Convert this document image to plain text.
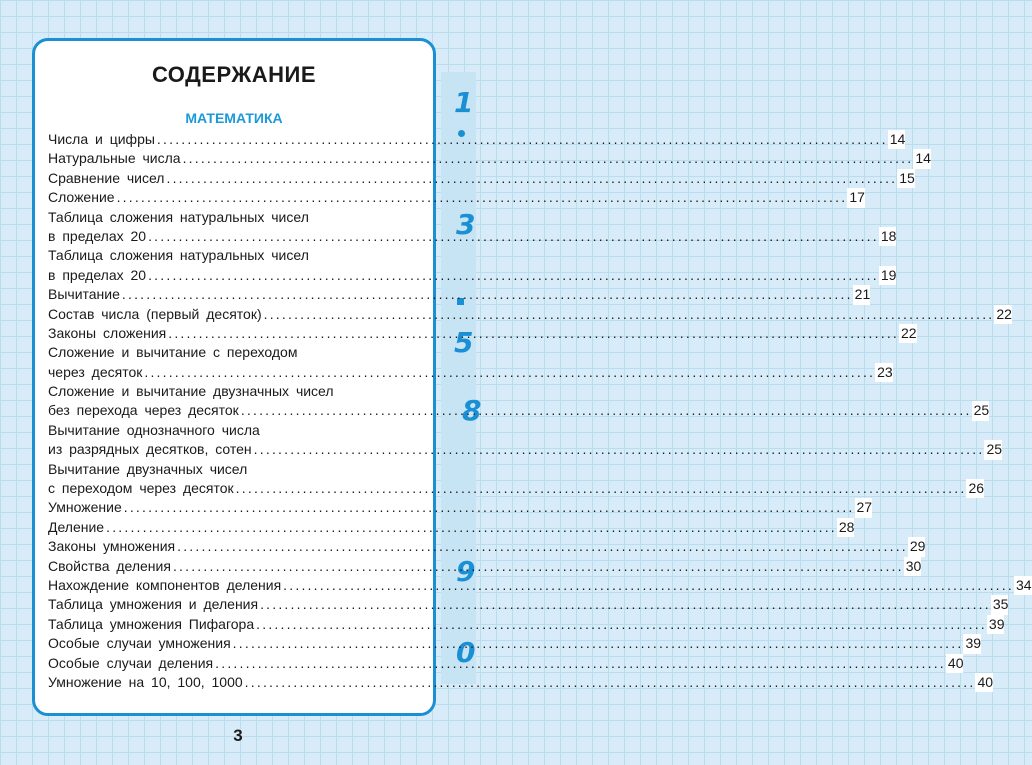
1
3
5
8
9
0
СОДЕРЖАНИЕ
МАТЕМАТИКА
Числа и цифры .....	14
Натуральные числа .....	14
Сравнение чисел .....	15
Сложение .....	17
Таблица сложения натуральных чисел
в пределах 20 .....	18
Таблица сложения натуральных чисел
в пределах 20 .....	19
Вычитание .....	21
Состав числа (первый десяток) .....	22
Законы сложения .....	22
Сложение и вычитание с переходом
через десяток .....	23
Сложение и вычитание двузначных чисел
без перехода через десяток .....	25
Вычитание однозначного числа
из разрядных десятков, сотен .....	25
Вычитание двузначных чисел
с переходом через десяток .....	26
Умножение .....	27
Деление .....	28
Законы умножения .....	29
Свойства деления .....	30
Нахождение компонентов деления .....	34
Таблица умножения и деления .....	35
Таблица умножения Пифагора .....	39
Особые случаи умножения .....	39
Особые случаи деления .....	40
Умножение на 10, 100, 1000 .....	40
3
